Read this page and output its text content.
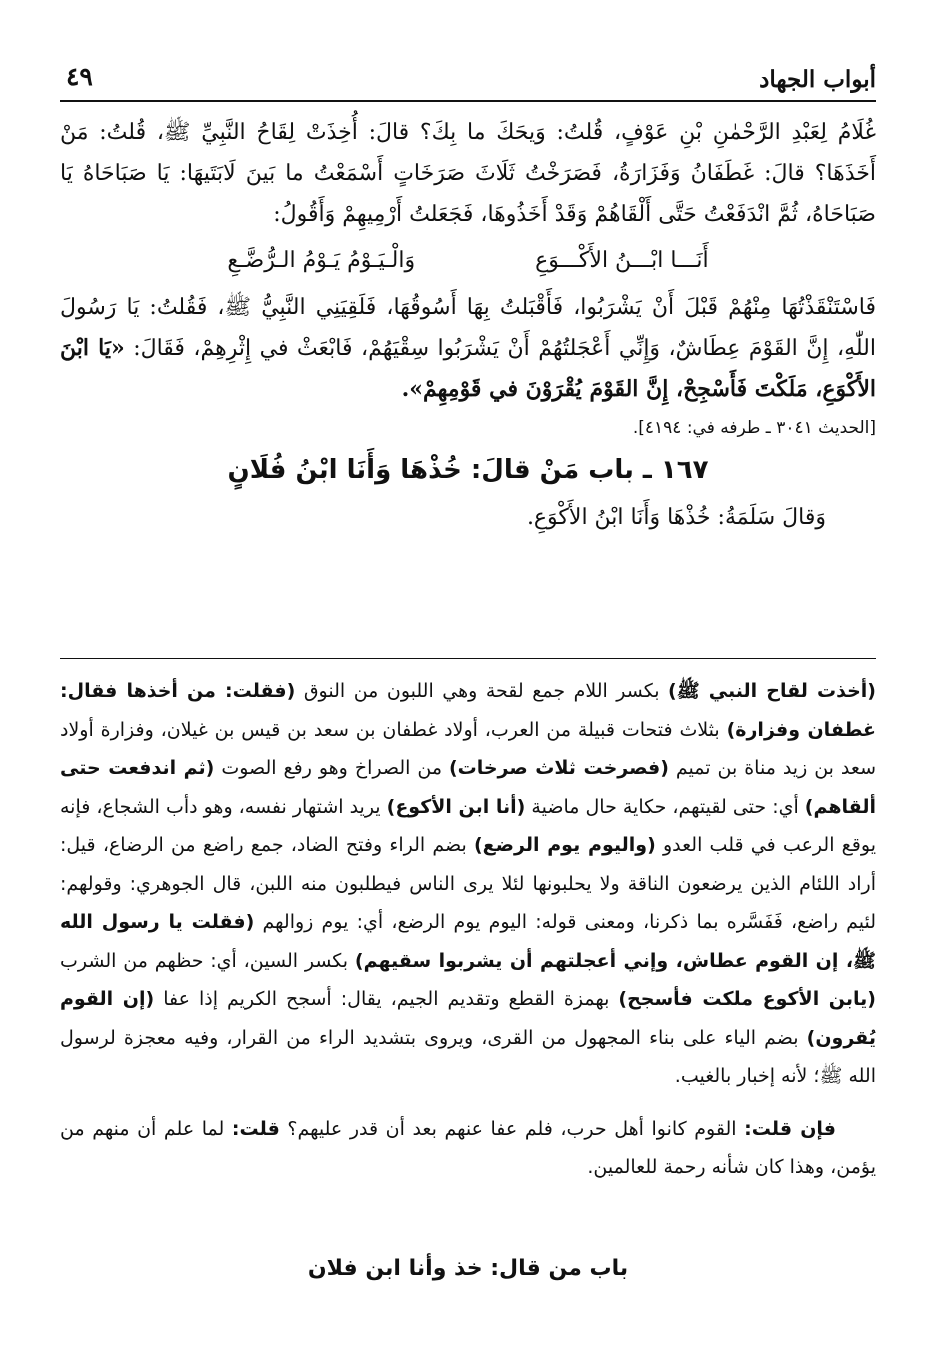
أبواب الجهاد
٤٩

غُلَامُ لِعَبْدِ الرَّحْمٰنِ بْنِ عَوْفٍ، قُلتُ: وَيحَكَ ما بِكَ؟ قالَ: أُخِذَتْ لِقَاحُ النَّبِيِّ ﷺ، قُلتُ: مَنْ أَخَذَهَا؟ قالَ: غَطَفَانُ وَفَزَارَةُ، فَصَرَخْتُ ثَلَاثَ صَرَخَاتٍ أَسْمَعْتُ ما بَينَ لَابَتَيهَا: يَا صَبَاحَاهُ يَا صَبَاحَاهُ، ثُمَّ انْدَفَعْتُ حَتَّى أَلْقَاهُمْ وَقَدْ أَخَذُوهَا، فَجَعَلتُ أَرْمِيهِمْ وَأَقُولُ:

أَنَـــا ابْـــنُ الأَكْـــوَعِ
وَالْـيَـوْمُ يَـوْمُ الـرُّضَّـعِ

فَاسْتَنْقَذْتُهَا مِنْهُمْ قَبْلَ أَنْ يَشْرَبُوا، فَأَقْبَلتُ بِهَا أَسُوقُهَا، فَلَقِيَنِي النَّبِيُّ ﷺ، فَقُلتُ: يَا رَسُولَ اللّٰهِ، إِنَّ القَوْمَ عِطَاشٌ، وَإِنِّي أَعْجَلتُهُمْ أَنْ يَشْرَبُوا سِقْيَهُمْ، فَابْعَثْ في إِثْرِهِمْ، فَقَالَ: «يَا ابْنَ الأَكْوَعِ، مَلَكْتَ فَأَسْجِحْ، إِنَّ القَوْمَ يُقْرَوْنَ في قَوْمِهِمْ».

[الحديث ٣٠٤١ ـ طرفه في: ٤١٩٤].
١٦٧ ـ باب مَنْ قالَ: خُذْهَا وَأَنَا ابْنُ فُلَانٍ

وَقالَ سَلَمَةُ: خُذْهَا وَأَنَا ابْنُ الأَكْوَعِ.

(أخذت لقاح النبي ﷺ) بكسر اللام جمع لقحة وهي اللبون من النوق (فقلت: من أخذها فقال: غطفان وفزارة) بثلاث فتحات قبيلة من العرب، أولاد غطفان بن سعد بن قيس بن غيلان، وفزارة أولاد سعد بن زيد مناة بن تميم (فصرخت ثلاث صرخات) من الصراخ وهو رفع الصوت (ثم اندفعت حتى ألقاهم) أي: حتى لقيتهم، حكاية حال ماضية (أنا ابن الأكوع) يريد اشتهار نفسه، وهو دأب الشجاع، فإنه يوقع الرعب في قلب العدو (واليوم يوم الرضع) بضم الراء وفتح الضاد، جمع راضع من الرضاع، قيل: أراد اللئام الذين يرضعون الناقة ولا يحلبونها لئلا يرى الناس فيطلبون منه اللبن، قال الجوهري: وقولهم: لئيم راضع، فَفَسَّره بما ذكرنا، ومعنى قوله: اليوم يوم الرضع، أي: يوم زوالهم (فقلت يا رسول الله ﷺ، إن القوم عطاش، وإني أعجلتهم أن يشربوا سقيهم) بكسر السين، أي: حظهم من الشرب (يابن الأكوع ملكت فأسجح) بهمزة القطع وتقديم الجيم، يقال: أسجح الكريم إذا عفا (إن القوم يُقرون) بضم الياء على بناء المجهول من القرى، ويروى بتشديد الراء من القرار، وفيه معجزة لرسول الله ﷺ؛ لأنه إخبار بالغيب.

فإن قلت: القوم كانوا أهل حرب، فلم عفا عنهم بعد أن قدر عليهم؟ قلت: لما علم أن منهم من يؤمن، وهذا كان شأنه رحمة للعالمين.

باب من قال: خذ وأنا ابن فلان
